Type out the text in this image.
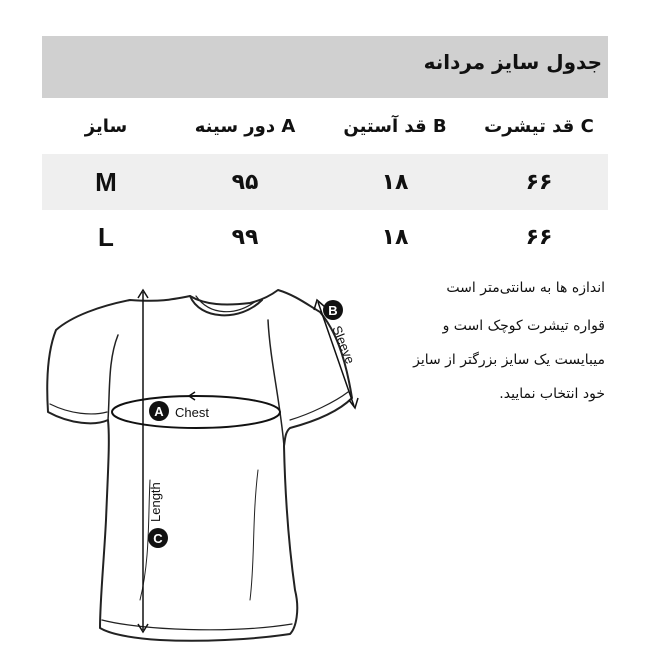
جدول سایز مردانه
سایز	A دور سینه	B قد آستین	C قد تیشرت
M	۹۵	۱۸	۶۶
L	۹۹	۱۸	۶۶
اندازه ها به سانتی‌متر است
قواره تیشرت کوچک است و
میبایست یک سایز بزرگتر از سایز
خود انتخاب نمایید.
A Chest
B
Sleeve
C
Length
